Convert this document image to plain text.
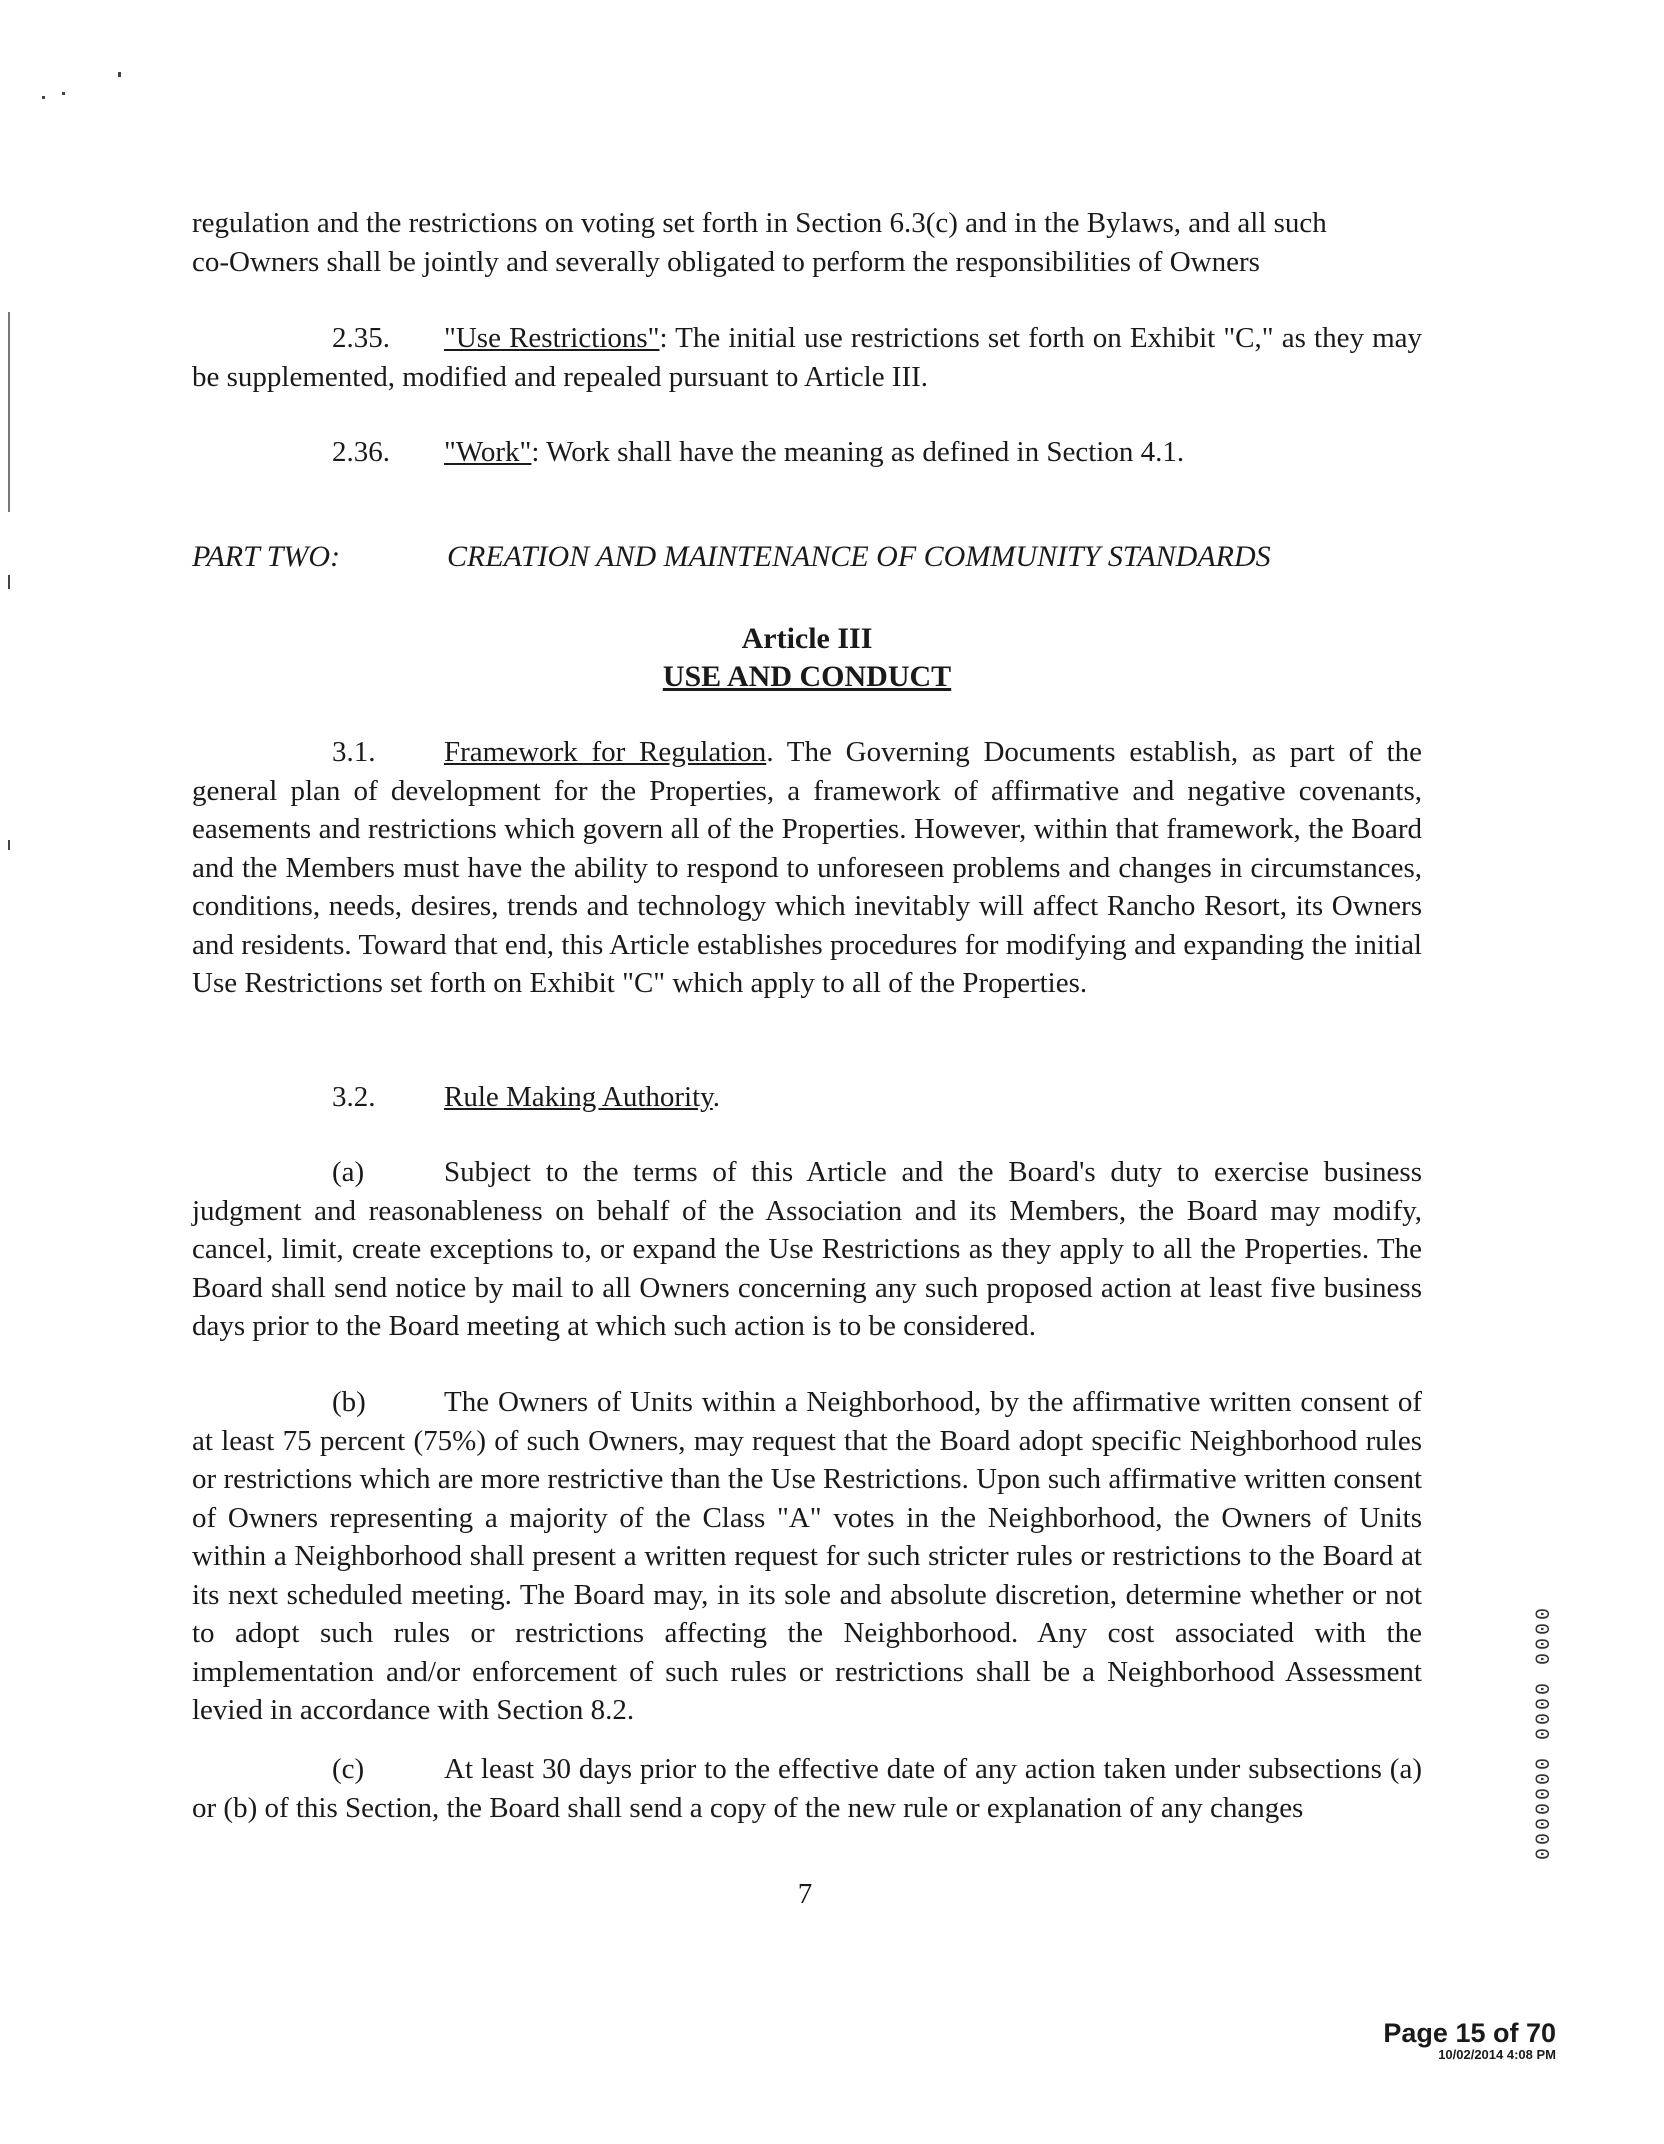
regulation and the restrictions on voting set forth in Section 6.3(c) and in the Bylaws, and all such
co-Owners shall be jointly and severally obligated to perform the responsibilities of Owners
2.35. "Use Restrictions": The initial use restrictions set forth on Exhibit "C," as they may be supplemented, modified and repealed pursuant to Article III.
2.36. "Work": Work shall have the meaning as defined in Section 4.1.
PART TWO:	CREATION AND MAINTENANCE OF COMMUNITY STANDARDS
Article III
USE AND CONDUCT
3.1. Framework for Regulation. The Governing Documents establish, as part of the general plan of development for the Properties, a framework of affirmative and negative covenants, easements and restrictions which govern all of the Properties. However, within that framework, the Board and the Members must have the ability to respond to unforeseen problems and changes in circumstances, conditions, needs, desires, trends and technology which inevitably will affect Rancho Resort, its Owners and residents. Toward that end, this Article establishes procedures for modifying and expanding the initial Use Restrictions set forth on Exhibit "C" which apply to all of the Properties.
3.2. Rule Making Authority.
(a)	Subject to the terms of this Article and the Board's duty to exercise business judgment and reasonableness on behalf of the Association and its Members, the Board may modify, cancel, limit, create exceptions to, or expand the Use Restrictions as they apply to all the Properties. The Board shall send notice by mail to all Owners concerning any such proposed action at least five business days prior to the Board meeting at which such action is to be considered.
(b)	The Owners of Units within a Neighborhood, by the affirmative written consent of at least 75 percent (75%) of such Owners, may request that the Board adopt specific Neighborhood rules or restrictions which are more restrictive than the Use Restrictions. Upon such affirmative written consent of Owners representing a majority of the Class "A" votes in the Neighborhood, the Owners of Units within a Neighborhood shall present a written request for such stricter rules or restrictions to the Board at its next scheduled meeting. The Board may, in its sole and absolute discretion, determine whether or not to adopt such rules or restrictions affecting the Neighborhood. Any cost associated with the implementation and/or enforcement of such rules or restrictions shall be a Neighborhood Assessment levied in accordance with Section 8.2.
(c)	At least 30 days prior to the effective date of any action taken under subsections (a) or (b) of this Section, the Board shall send a copy of the new rule or explanation of any changes
7
0000000 0000 0000
Page 15 of 70
10/02/2014 4:08 PM
